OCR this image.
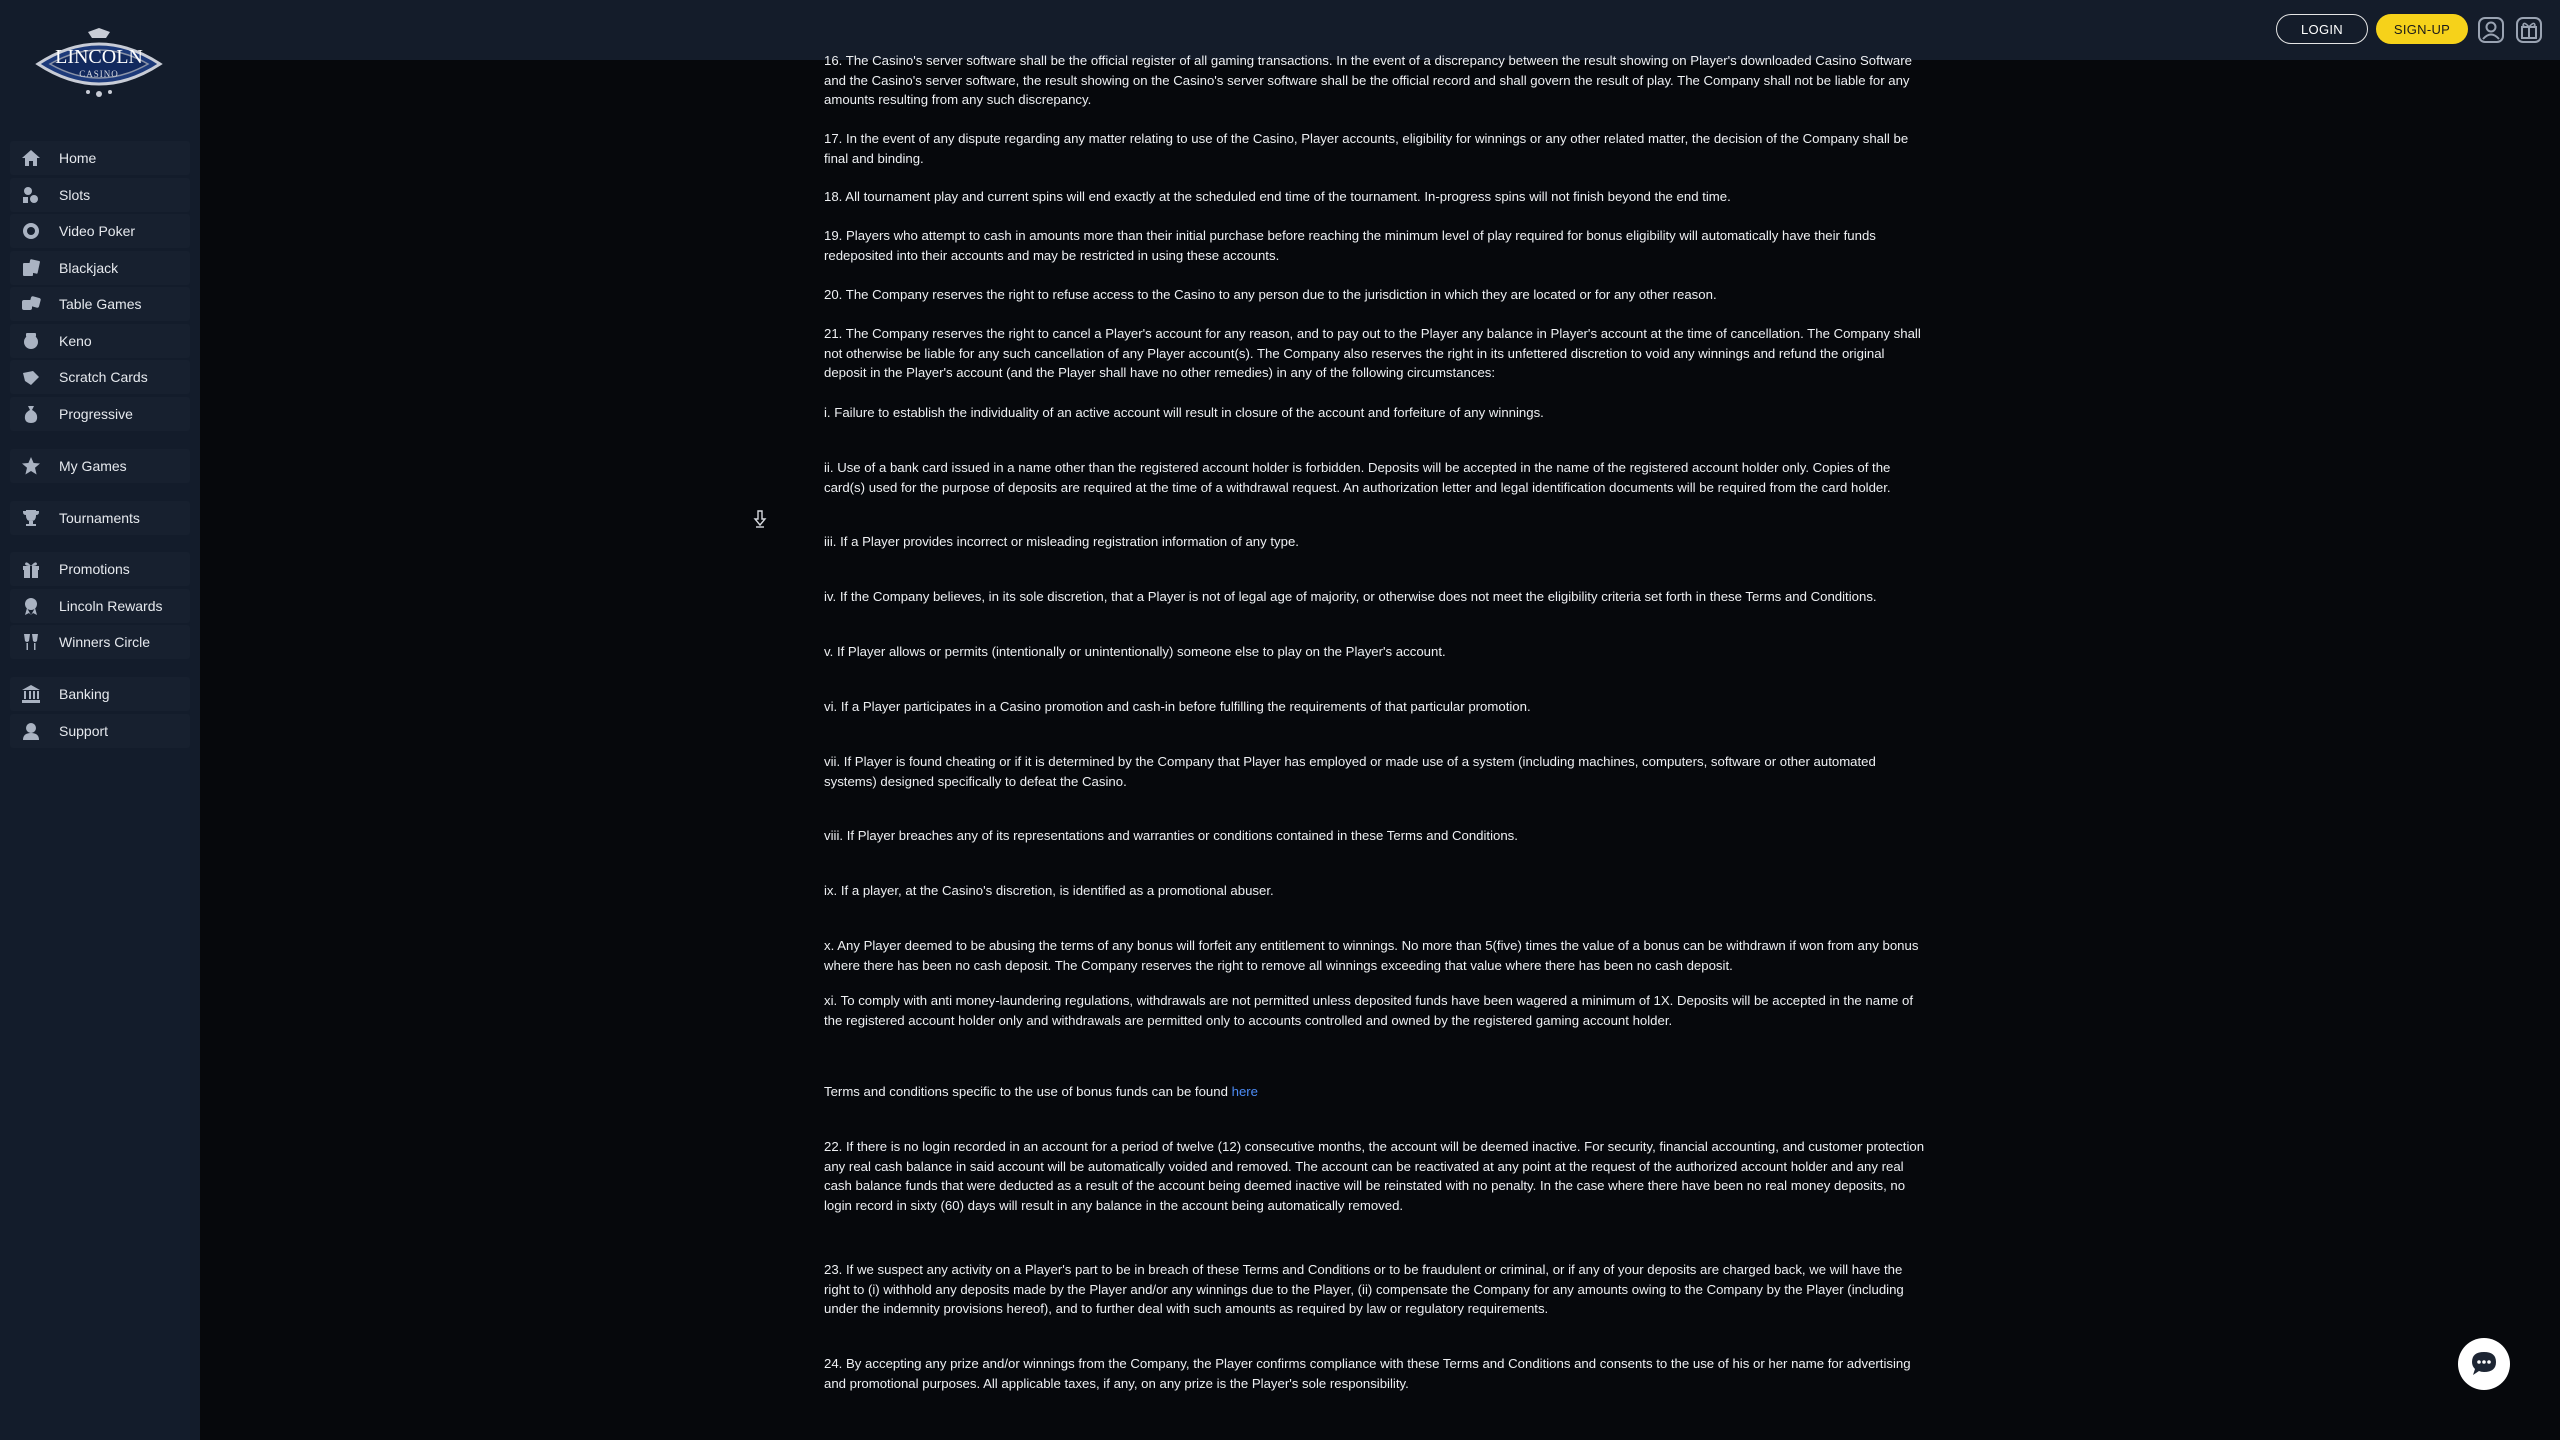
LINCOLN
CASINO
Home
Slots
Video Poker
Blackjack
Table Games
Keno
Scratch Cards
Progressive
My Games
Tournaments
Promotions
Lincoln Rewards
Winners Circle
Banking
Support
LOGIN	SIGN-UP
16. The Casino's server software shall be the official register of all gaming transactions. In the event of a discrepancy between the result showing on Player's downloaded Casino Software and the Casino's server software, the result showing on the Casino's server software shall be the official record and shall govern the result of play. The Company shall not be liable for any amounts resulting from any such discrepancy.
17. In the event of any dispute regarding any matter relating to use of the Casino, Player accounts, eligibility for winnings or any other related matter, the decision of the Company shall be final and binding.
18. All tournament play and current spins will end exactly at the scheduled end time of the tournament. In-progress spins will not finish beyond the end time.
19. Players who attempt to cash in amounts more than their initial purchase before reaching the minimum level of play required for bonus eligibility will automatically have their funds redeposited into their accounts and may be restricted in using these accounts.
20. The Company reserves the right to refuse access to the Casino to any person due to the jurisdiction in which they are located or for any other reason.
21. The Company reserves the right to cancel a Player's account for any reason, and to pay out to the Player any balance in Player's account at the time of cancellation. The Company shall not otherwise be liable for any such cancellation of any Player account(s). The Company also reserves the right in its unfettered discretion to void any winnings and refund the original deposit in the Player's account (and the Player shall have no other remedies) in any of the following circumstances:
i. Failure to establish the individuality of an active account will result in closure of the account and forfeiture of any winnings.
ii. Use of a bank card issued in a name other than the registered account holder is forbidden. Deposits will be accepted in the name of the registered account holder only. Copies of the card(s) used for the purpose of deposits are required at the time of a withdrawal request. An authorization letter and legal identification documents will be required from the card holder.
iii. If a Player provides incorrect or misleading registration information of any type.
iv. If the Company believes, in its sole discretion, that a Player is not of legal age of majority, or otherwise does not meet the eligibility criteria set forth in these Terms and Conditions.
v. If Player allows or permits (intentionally or unintentionally) someone else to play on the Player's account.
vi. If a Player participates in a Casino promotion and cash-in before fulfilling the requirements of that particular promotion.
vii. If Player is found cheating or if it is determined by the Company that Player has employed or made use of a system (including machines, computers, software or other automated systems) designed specifically to defeat the Casino.
viii. If Player breaches any of its representations and warranties or conditions contained in these Terms and Conditions.
ix. If a player, at the Casino's discretion, is identified as a promotional abuser.
x. Any Player deemed to be abusing the terms of any bonus will forfeit any entitlement to winnings. No more than 5(five) times the value of a bonus can be withdrawn if won from any bonus where there has been no cash deposit. The Company reserves the right to remove all winnings exceeding that value where there has been no cash deposit.
xi. To comply with anti money-laundering regulations, withdrawals are not permitted unless deposited funds have been wagered a minimum of 1X. Deposits will be accepted in the name of the registered account holder only and withdrawals are permitted only to accounts controlled and owned by the registered gaming account holder.
Terms and conditions specific to the use of bonus funds can be found here
22. If there is no login recorded in an account for a period of twelve (12) consecutive months, the account will be deemed inactive. For security, financial accounting, and customer protection any real cash balance in said account will be automatically voided and removed. The account can be reactivated at any point at the request of the authorized account holder and any real cash balance funds that were deducted as a result of the account being deemed inactive will be reinstated with no penalty. In the case where there have been no real money deposits, no login record in sixty (60) days will result in any balance in the account being automatically removed.
23. If we suspect any activity on a Player's part to be in breach of these Terms and Conditions or to be fraudulent or criminal, or if any of your deposits are charged back, we will have the right to (i) withhold any deposits made by the Player and/or any winnings due to the Player, (ii) compensate the Company for any amounts owing to the Company by the Player (including under the indemnity provisions hereof), and to further deal with such amounts as required by law or regulatory requirements.
24. By accepting any prize and/or winnings from the Company, the Player confirms compliance with these Terms and Conditions and consents to the use of his or her name for advertising and promotional purposes. All applicable taxes, if any, on any prize is the Player's sole responsibility.
